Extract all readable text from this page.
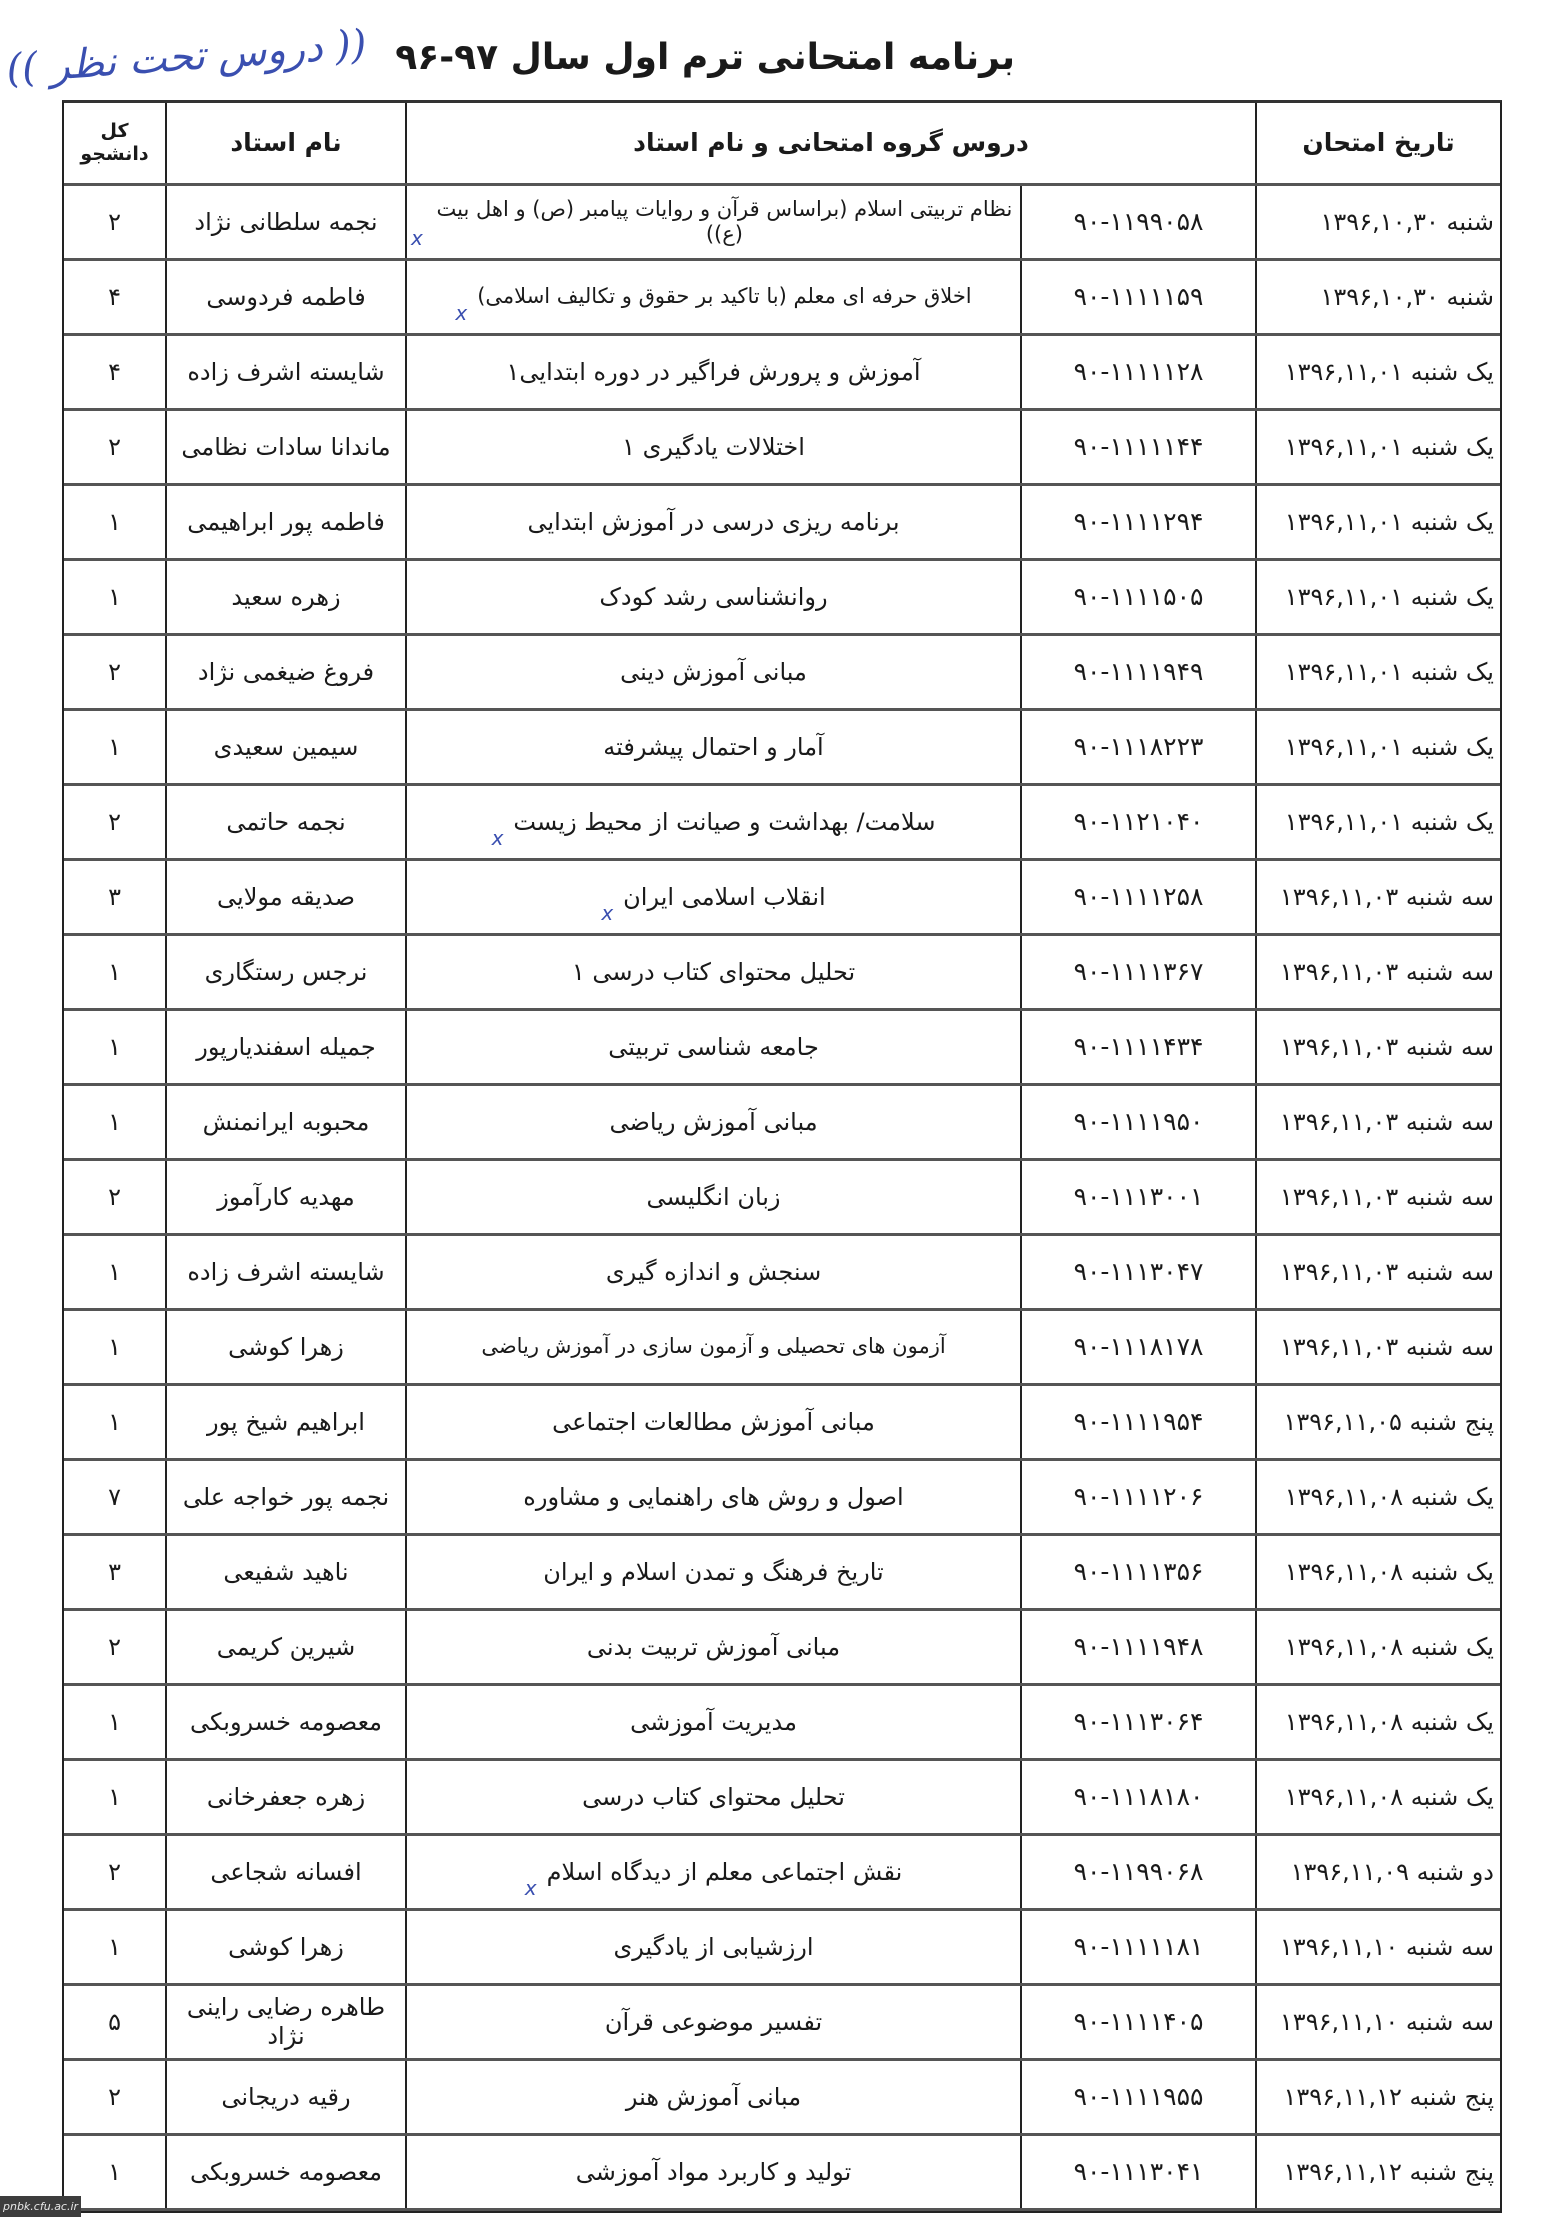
برنامه امتحانی ترم اول سال ۹۷-۹۶
(( دروس تحت نظر ))
تاریخ امتحان
دروس گروه امتحانی و نام استاد
نام استاد
کل دانشجو
شنبه ۱۳۹۶,۱۰,۳۰
۹۰-۱۱۹۹۰۵۸
نظام تربیتی اسلام (براساس قرآن و روایات پیامبر (ص) و اهل بیت (ع))
x
نجمه سلطانی نژاد
۲
شنبه ۱۳۹۶,۱۰,۳۰
۹۰-۱۱۱۱۱۵۹
اخلاق حرفه ای معلم (با تاکید بر حقوق و تکالیف اسلامی)
x
فاطمه فردوسی
۴
یک شنبه ۱۳۹۶,۱۱,۰۱
۹۰-۱۱۱۱۱۲۸
آموزش و پرورش فراگیر در دوره ابتدایی۱
شایسته اشرف زاده
۴
یک شنبه ۱۳۹۶,۱۱,۰۱
۹۰-۱۱۱۱۱۴۴
اختلالات یادگیری ۱
ماندانا سادات نظامی
۲
یک شنبه ۱۳۹۶,۱۱,۰۱
۹۰-۱۱۱۱۲۹۴
برنامه ریزی درسی در آموزش ابتدایی
فاطمه پور ابراهیمی
۱
یک شنبه ۱۳۹۶,۱۱,۰۱
۹۰-۱۱۱۱۵۰۵
روانشناسی رشد کودک
زهره سعید
۱
یک شنبه ۱۳۹۶,۱۱,۰۱
۹۰-۱۱۱۱۹۴۹
مبانی آموزش دینی
فروغ ضیغمی نژاد
۲
یک شنبه ۱۳۹۶,۱۱,۰۱
۹۰-۱۱۱۸۲۲۳
آمار و احتمال پیشرفته
سیمین سعیدی
۱
یک شنبه ۱۳۹۶,۱۱,۰۱
۹۰-۱۱۲۱۰۴۰
سلامت/ بهداشت و صیانت از محیط زیست
x
نجمه حاتمی
۲
سه شنبه ۱۳۹۶,۱۱,۰۳
۹۰-۱۱۱۱۲۵۸
انقلاب اسلامی ایران
x
صدیقه مولایی
۳
سه شنبه ۱۳۹۶,۱۱,۰۳
۹۰-۱۱۱۱۳۶۷
تحلیل محتوای کتاب درسی ۱
نرجس رستگاری
۱
سه شنبه ۱۳۹۶,۱۱,۰۳
۹۰-۱۱۱۱۴۳۴
جامعه شناسی تربیتی
جمیله اسفندیارپور
۱
سه شنبه ۱۳۹۶,۱۱,۰۳
۹۰-۱۱۱۱۹۵۰
مبانی آموزش ریاضی
محبوبه ایرانمنش
۱
سه شنبه ۱۳۹۶,۱۱,۰۳
۹۰-۱۱۱۳۰۰۱
زبان انگلیسی
مهدیه کارآموز
۲
سه شنبه ۱۳۹۶,۱۱,۰۳
۹۰-۱۱۱۳۰۴۷
سنجش و اندازه گیری
شایسته اشرف زاده
۱
سه شنبه ۱۳۹۶,۱۱,۰۳
۹۰-۱۱۱۸۱۷۸
آزمون های تحصیلی و آزمون سازی در آموزش ریاضی
زهرا کوشی
۱
پنج شنبه ۱۳۹۶,۱۱,۰۵
۹۰-۱۱۱۱۹۵۴
مبانی آموزش مطالعات اجتماعی
ابراهیم شیخ پور
۱
یک شنبه ۱۳۹۶,۱۱,۰۸
۹۰-۱۱۱۱۲۰۶
اصول و روش های راهنمایی و مشاوره
نجمه پور خواجه علی
۷
یک شنبه ۱۳۹۶,۱۱,۰۸
۹۰-۱۱۱۱۳۵۶
تاریخ فرهنگ و تمدن اسلام و ایران
ناهید شفیعی
۳
یک شنبه ۱۳۹۶,۱۱,۰۸
۹۰-۱۱۱۱۹۴۸
مبانی آموزش تربیت بدنی
شیرین کریمی
۲
یک شنبه ۱۳۹۶,۱۱,۰۸
۹۰-۱۱۱۳۰۶۴
مدیریت آموزشی
معصومه خسروبکی
۱
یک شنبه ۱۳۹۶,۱۱,۰۸
۹۰-۱۱۱۸۱۸۰
تحلیل محتوای کتاب درسی
زهره جعفرخانی
۱
دو شنبه ۱۳۹۶,۱۱,۰۹
۹۰-۱۱۹۹۰۶۸
نقش اجتماعی معلم از دیدگاه اسلام
x
افسانه شجاعی
۲
سه شنبه ۱۳۹۶,۱۱,۱۰
۹۰-۱۱۱۱۱۸۱
ارزشیابی از یادگیری
زهرا کوشی
۱
سه شنبه ۱۳۹۶,۱۱,۱۰
۹۰-۱۱۱۱۴۰۵
تفسیر موضوعی قرآن
طاهره رضایی راینی نژاد
۵
پنج شنبه ۱۳۹۶,۱۱,۱۲
۹۰-۱۱۱۱۹۵۵
مبانی آموزش هنر
رقیه دریجانی
۲
پنج شنبه ۱۳۹۶,۱۱,۱۲
۹۰-۱۱۱۳۰۴۱
تولید و کاربرد مواد آموزشی
معصومه خسروبکی
۱
pnbk.cfu.ac.ir
